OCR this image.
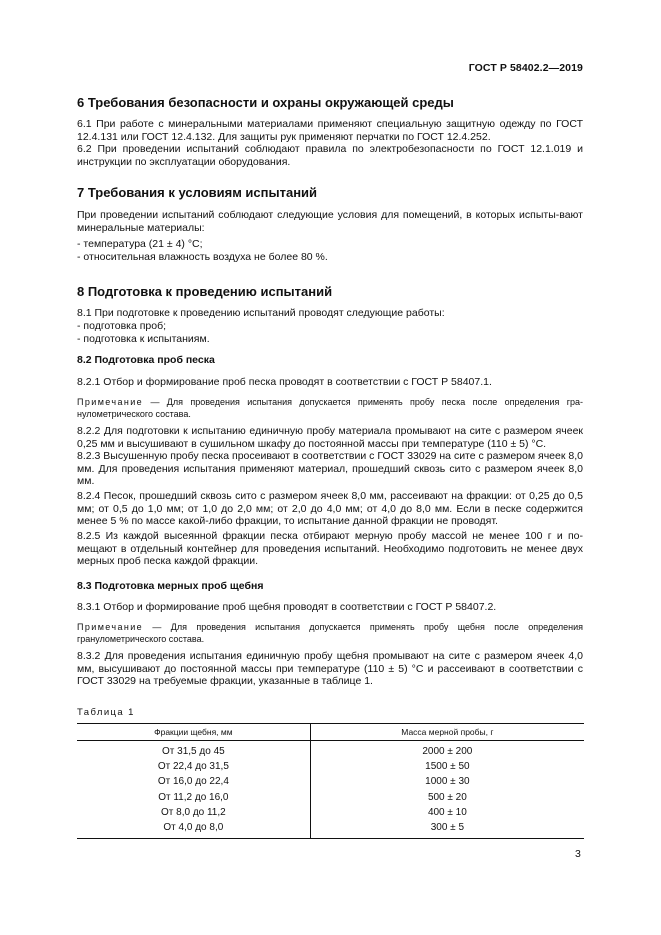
ГОСТ Р 58402.2—2019
6 Требования безопасности и охраны окружающей среды
6.1 При работе с минеральными материалами применяют специальную защитную одежду по ГОСТ 12.4.131 или ГОСТ 12.4.132. Для защиты рук применяют перчатки по ГОСТ 12.4.252.
6.2 При проведении испытаний соблюдают правила по электробезопасности по ГОСТ 12.1.019 и инструкции по эксплуатации оборудования.
7 Требования к условиям испытаний
При проведении испытаний соблюдают следующие условия для помещений, в которых испыты-вают минеральные материалы:
- температура (21 ± 4) °С;
- относительная влажность воздуха не более 80 %.
8 Подготовка к проведению испытаний
8.1 При подготовке к проведению испытаний проводят следующие работы:
- подготовка проб;
- подготовка к испытаниям.
8.2 Подготовка проб песка
8.2.1 Отбор и формирование проб песка проводят в соответствии с ГОСТ Р 58407.1.
Примечание — Для проведения испытания допускается применять пробу песка после определения гра-нулометрического состава.
8.2.2 Для подготовки к испытанию единичную пробу материала промывают на сите с размером ячеек 0,25 мм и высушивают в сушильном шкафу до постоянной массы при температуре (110 ± 5) °С.
8.2.3 Высушенную пробу песка просеивают в соответствии с ГОСТ 33029 на сите с размером ячеек 8,0 мм. Для проведения испытания применяют материал, прошедший сквозь сито с размером ячеек 8,0 мм.
8.2.4 Песок, прошедший сквозь сито с размером ячеек 8,0 мм, рассеивают на фракции: от 0,25 до 0,5 мм; от 0,5 до 1,0 мм; от 1,0 до 2,0 мм; от 2,0 до 4,0 мм; от 4,0 до 8,0 мм. Если в песке содержится менее 5 % по массе какой-либо фракции, то испытание данной фракции не проводят.
8.2.5 Из каждой высеянной фракции песка отбирают мерную пробу массой не менее 100 г и по-мещают в отдельный контейнер для проведения испытаний. Необходимо подготовить не менее двух мерных проб песка каждой фракции.
8.3 Подготовка мерных проб щебня
8.3.1 Отбор и формирование проб щебня проводят в соответствии с ГОСТ Р 58407.2.
Примечание — Для проведения испытания допускается применять пробу щебня после определения гранулометрического состава.
8.3.2 Для проведения испытания единичную пробу щебня промывают на сите с размером ячеек 4,0 мм, высушивают до постоянной массы при температуре (110 ± 5) °С и рассеивают в соответствии с ГОСТ 33029 на требуемые фракции, указанные в таблице 1.
Таблица 1
Фракции щебня, мм	Масса мерной пробы, г
От 31,5 до 45	2000 ± 200
От 22,4 до 31,5	1500 ± 50
От 16,0 до 22,4	1000 ± 30
От 11,2 до 16,0	500 ± 20
От 8,0 до 11,2	400 ± 10
От 4,0 до 8,0	300 ± 5
3
